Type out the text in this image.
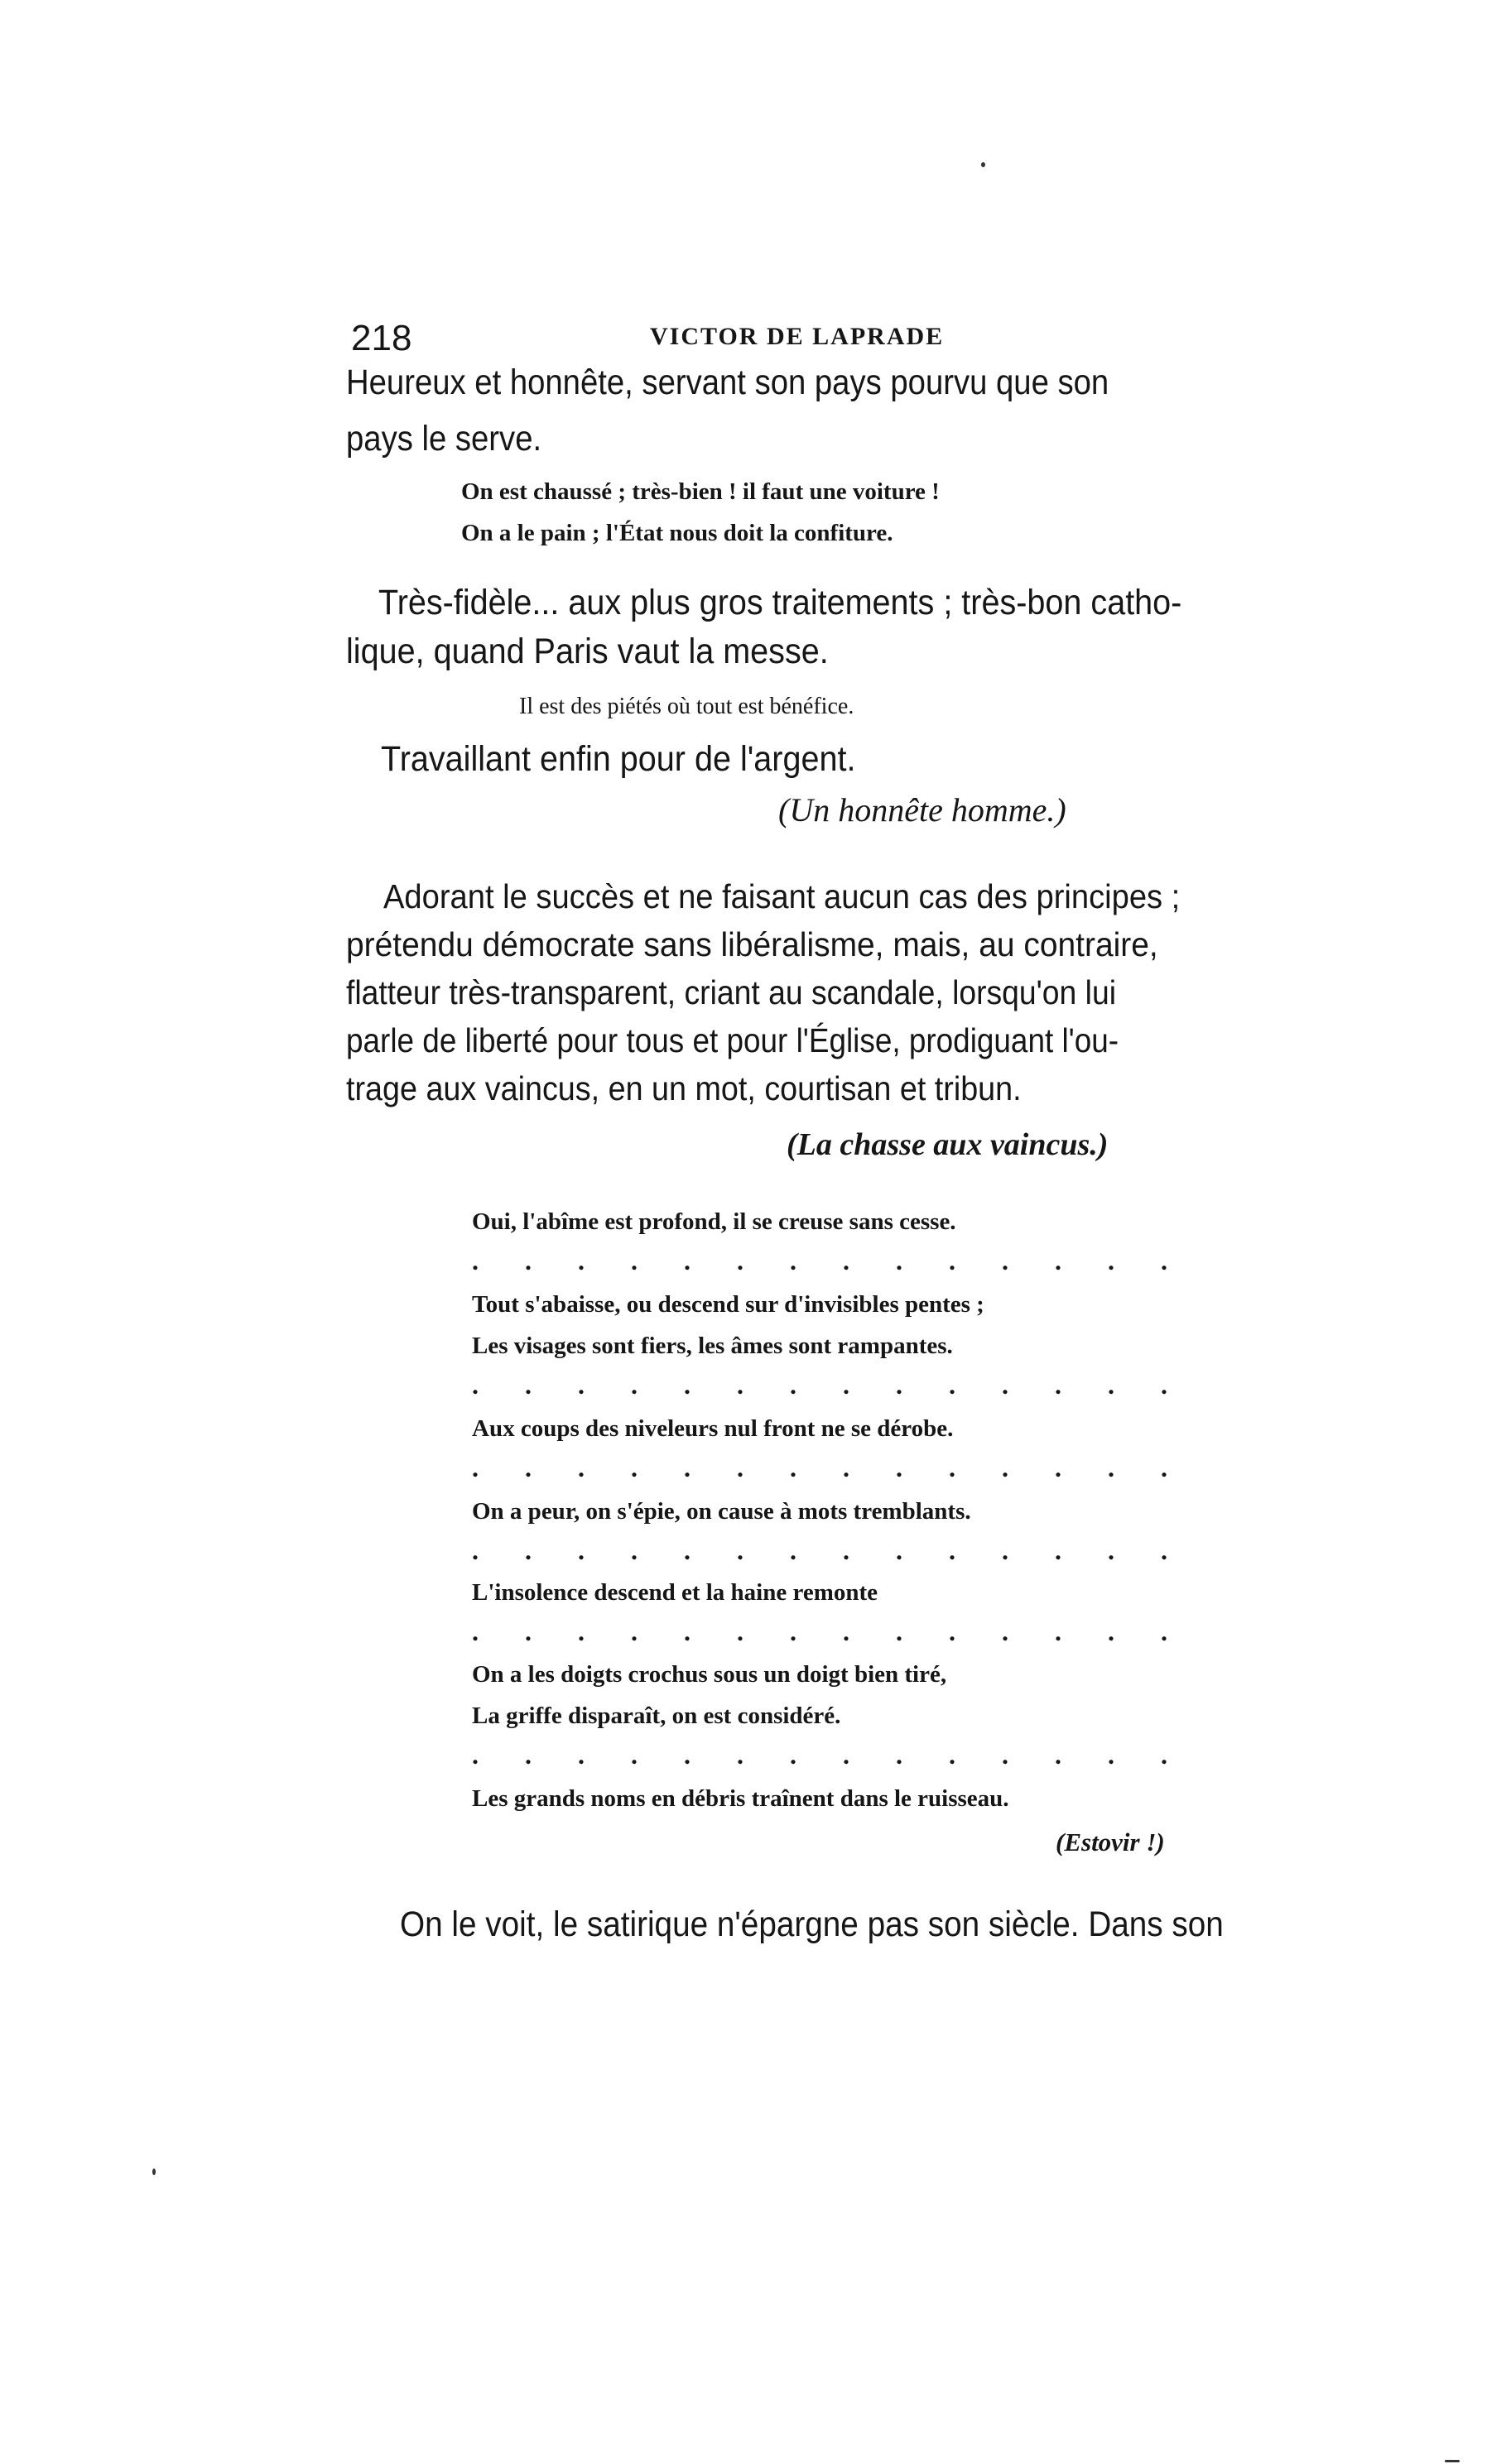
218	VICTOR DE LAPRADE
Heureux et honnête, servant son pays pourvu que son
pays le serve.
On est chaussé ; très-bien ! il faut une voiture !
On a le pain ; l'État nous doit la confiture.
Très-fidèle... aux plus gros traitements ; très-bon catho-
lique, quand Paris vaut la messe.
Il est des piétés où tout est bénéfice.
Travaillant enfin pour de l'argent.
(Un honnête homme.)
Adorant le succès et ne faisant aucun cas des principes ;
prétendu démocrate sans libéralisme, mais, au contraire,
flatteur très-transparent, criant au scandale, lorsqu'on lui
parle de liberté pour tous et pour l'Église, prodiguant l'ou-
trage aux vaincus, en un mot, courtisan et tribun.
(La chasse aux vaincus.)
Oui, l'abîme est profond, il se creuse sans cesse.
. . . . . . . . . . . . . .
Tout s'abaisse, ou descend sur d'invisibles pentes ;
Les visages sont fiers, les âmes sont rampantes.
. . . . . . . . . . . . . .
Aux coups des niveleurs nul front ne se dérobe.
. . . . . . . . . . . . . .
On a peur, on s'épie, on cause à mots tremblants.
. . . . . . . . . . . . . .
L'insolence descend et la haine remonte
. . . . . . . . . . . . . .
On a les doigts crochus sous un doigt bien tiré,
La griffe disparaît, on est considéré.
. . . . . . . . . . . . . .
Les grands noms en débris traînent dans le ruisseau.
(Estovir !)
On le voit, le satirique n'épargne pas son siècle. Dans son
